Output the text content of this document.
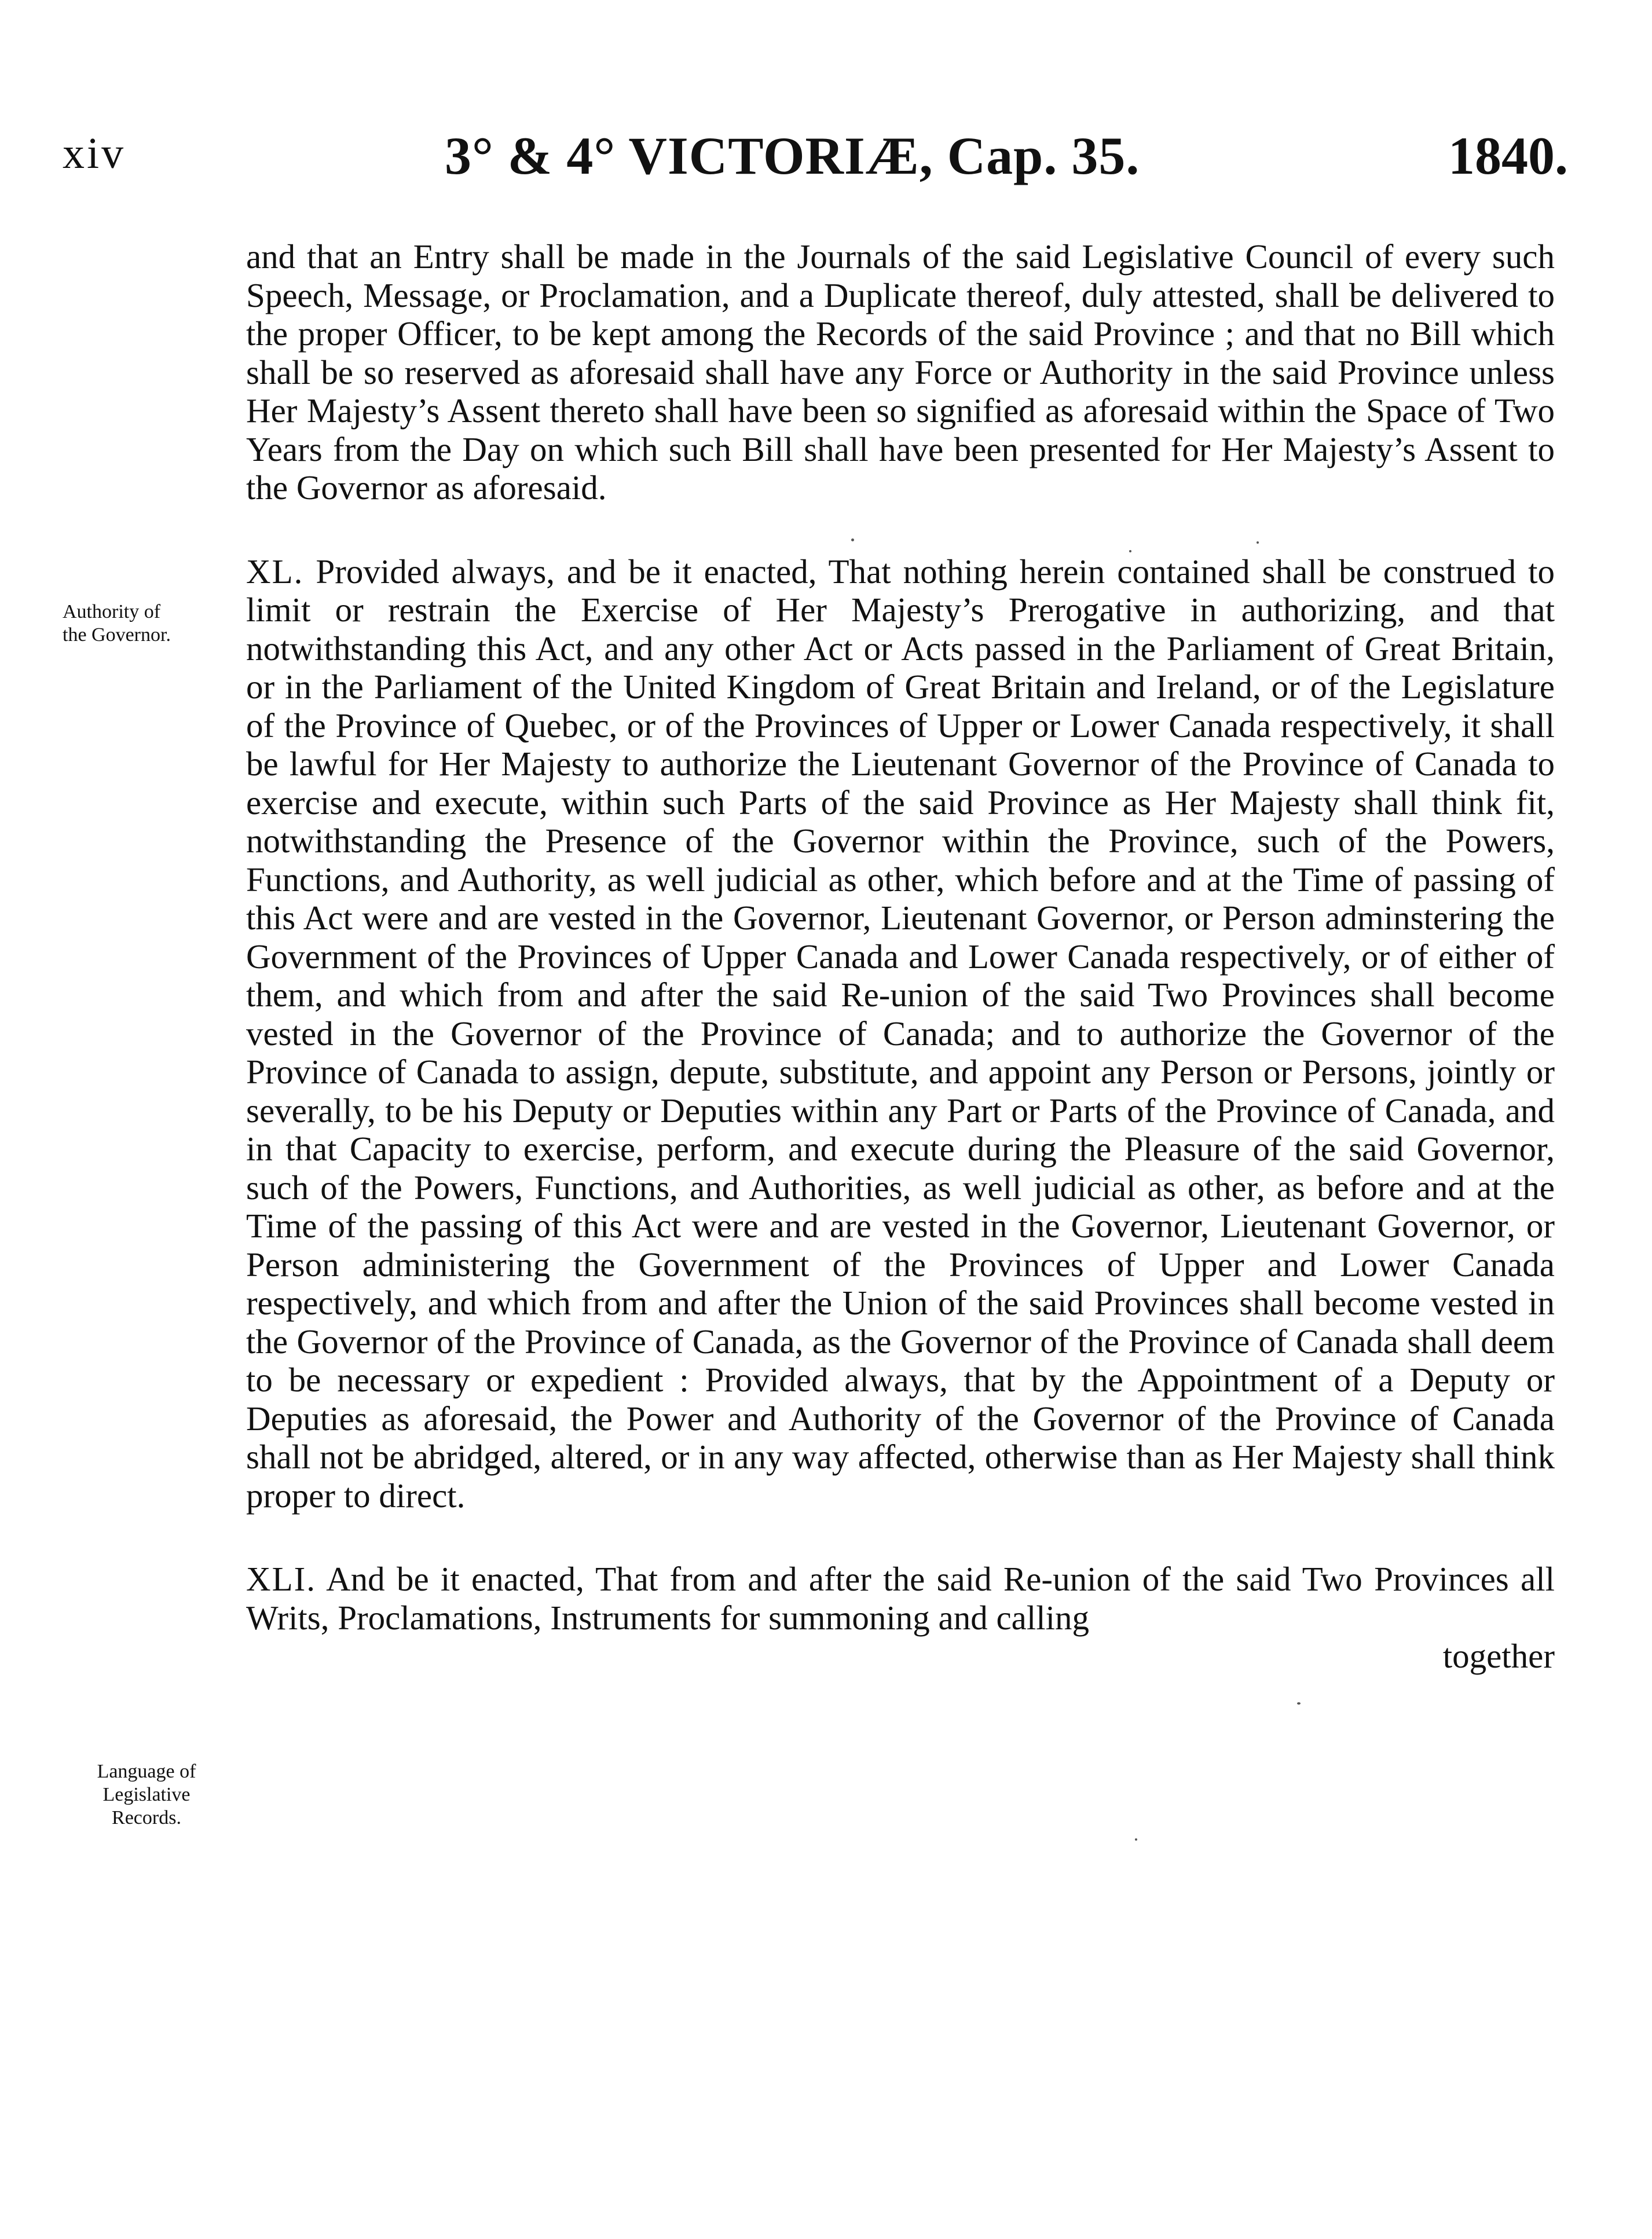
xiv	3° & 4° VICTORIÆ, Cap. 35.	1840.
Authority of
the Governor.
Language of
Legislative
Records.

and that an Entry shall be made in the Journals of the said Legislative Council of every such Speech, Message, or Proclamation, and a Duplicate thereof, duly attested, shall be delivered to the proper Officer, to be kept among the Records of the said Province ; and that no Bill which shall be so reserved as aforesaid shall have any Force or Authority in the said Province unless Her Majesty’s Assent thereto shall have been so signified as aforesaid within the Space of Two Years from the Day on which such Bill shall have been presented for Her Majesty’s Assent to the Governor as aforesaid.

XL. Provided always, and be it enacted, That nothing herein contained shall be construed to limit or restrain the Exercise of Her Majesty’s Prerogative in authorizing, and that notwithstanding this Act, and any other Act or Acts passed in the Parliament of Great Britain, or in the Parliament of the United Kingdom of Great Britain and Ireland, or of the Legislature of the Province of Quebec, or of the Provinces of Upper or Lower Canada respectively, it shall be lawful for Her Majesty to authorize the Lieutenant Governor of the Province of Canada to exercise and execute, within such Parts of the said Province as Her Majesty shall think fit, notwithstanding the Presence of the Governor within the Province, such of the Powers, Functions, and Authority, as well judicial as other, which before and at the Time of passing of this Act were and are vested in the Governor, Lieutenant Governor, or Person adminstering the Government of the Provinces of Upper Canada and Lower Canada respectively, or of either of them, and which from and after the said Re-union of the said Two Provinces shall become vested in the Governor of the Province of Canada; and to authorize the Governor of the Province of Canada to assign, depute, substitute, and appoint any Person or Persons, jointly or severally, to be his Deputy or Deputies within any Part or Parts of the Province of Canada, and in that Capacity to exercise, perform, and execute during the Pleasure of the said Governor, such of the Powers, Functions, and Authorities, as well judicial as other, as before and at the Time of the passing of this Act were and are vested in the Governor, Lieutenant Governor, or Person administering the Government of the Provinces of Upper and Lower Canada respectively, and which from and after the Union of the said Provinces shall become vested in the Governor of the Province of Canada, as the Governor of the Province of Canada shall deem to be necessary or expedient : Provided always, that by the Appointment of a Deputy or Deputies as aforesaid, the Power and Authority of the Governor of the Province of Canada shall not be abridged, altered, or in any way affected, otherwise than as Her Majesty shall think proper to direct.

XLI. And be it enacted, That from and after the said Re-union of the said Two Provinces all Writs, Proclamations, Instruments for summoning and calling

together
